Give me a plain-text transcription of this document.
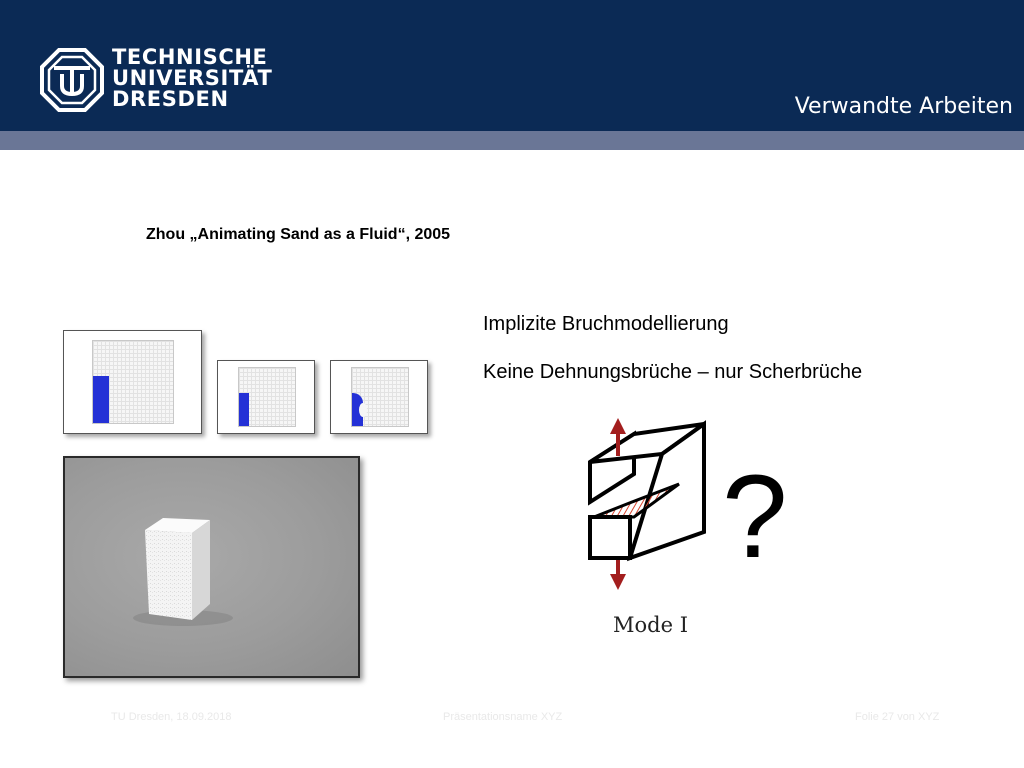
TECHNISCHE
UNIVERSITÄT
DRESDEN	Verwandte Arbeiten
Zhou „Animating Sand as a Fluid“, 2005
Implizite Bruchmodellierung
Keine Dehnungsbrüche – nur Scherbrüche
Mode I
?
TU Dresden, 18.09.2018	Präsentationsname XYZ	Folie 27 von XYZ
